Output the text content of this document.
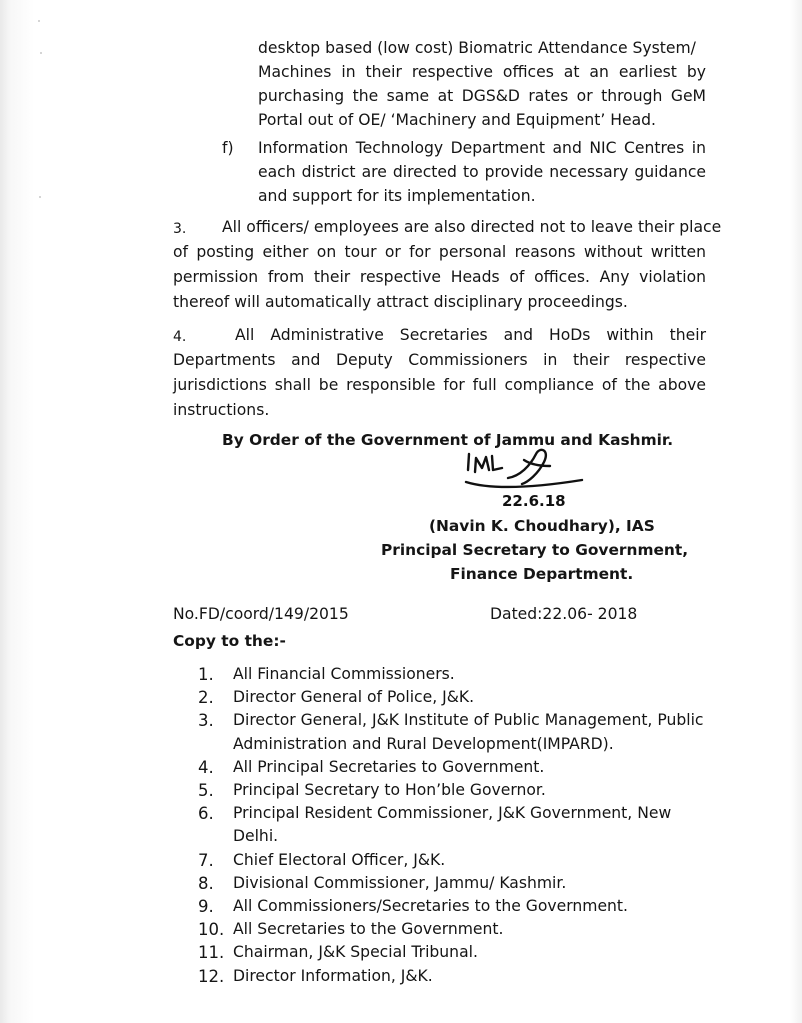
desktop based (low cost) Biomatric Attendance System/
Machines in their respective offices at an earliest by
purchasing the same at DGS&D rates or through GeM
Portal out of OE/ ‘Machinery and Equipment’ Head.
f) Information Technology Department and NIC Centres in
each district are directed to provide necessary guidance
and support for its implementation.
3. All officers/ employees are also directed not to leave their place
of posting either on tour or for personal reasons without written
permission from their respective Heads of offices. Any violation
thereof will automatically attract disciplinary proceedings.
4.	All Administrative Secretaries and HoDs within their
Departments and Deputy Commissioners in their respective
jurisdictions shall be responsible for full compliance of the above
instructions.
By Order of the Government of Jammu and Kashmir.
22.6.18
(Navin K. Choudhary), IAS
Principal Secretary to Government,
Finance Department.
No.FD/coord/149/2015	Dated:22.06- 2018
Copy to the:-
1.	All Financial Commissioners.
2.	Director General of Police, J&K.
3.	Director General, J&K Institute of Public Management, Public
Administration and Rural Development(IMPARD).
4.	All Principal Secretaries to Government.
5.	Principal Secretary to Hon’ble Governor.
6.	Principal Resident Commissioner, J&K Government, New
Delhi.
7.	Chief Electoral Officer, J&K.
8.	Divisional Commissioner, Jammu/ Kashmir.
9.	All Commissioners/Secretaries to the Government.
10. All Secretaries to the Government.
11. Chairman, J&K Special Tribunal.
12. Director Information, J&K.
